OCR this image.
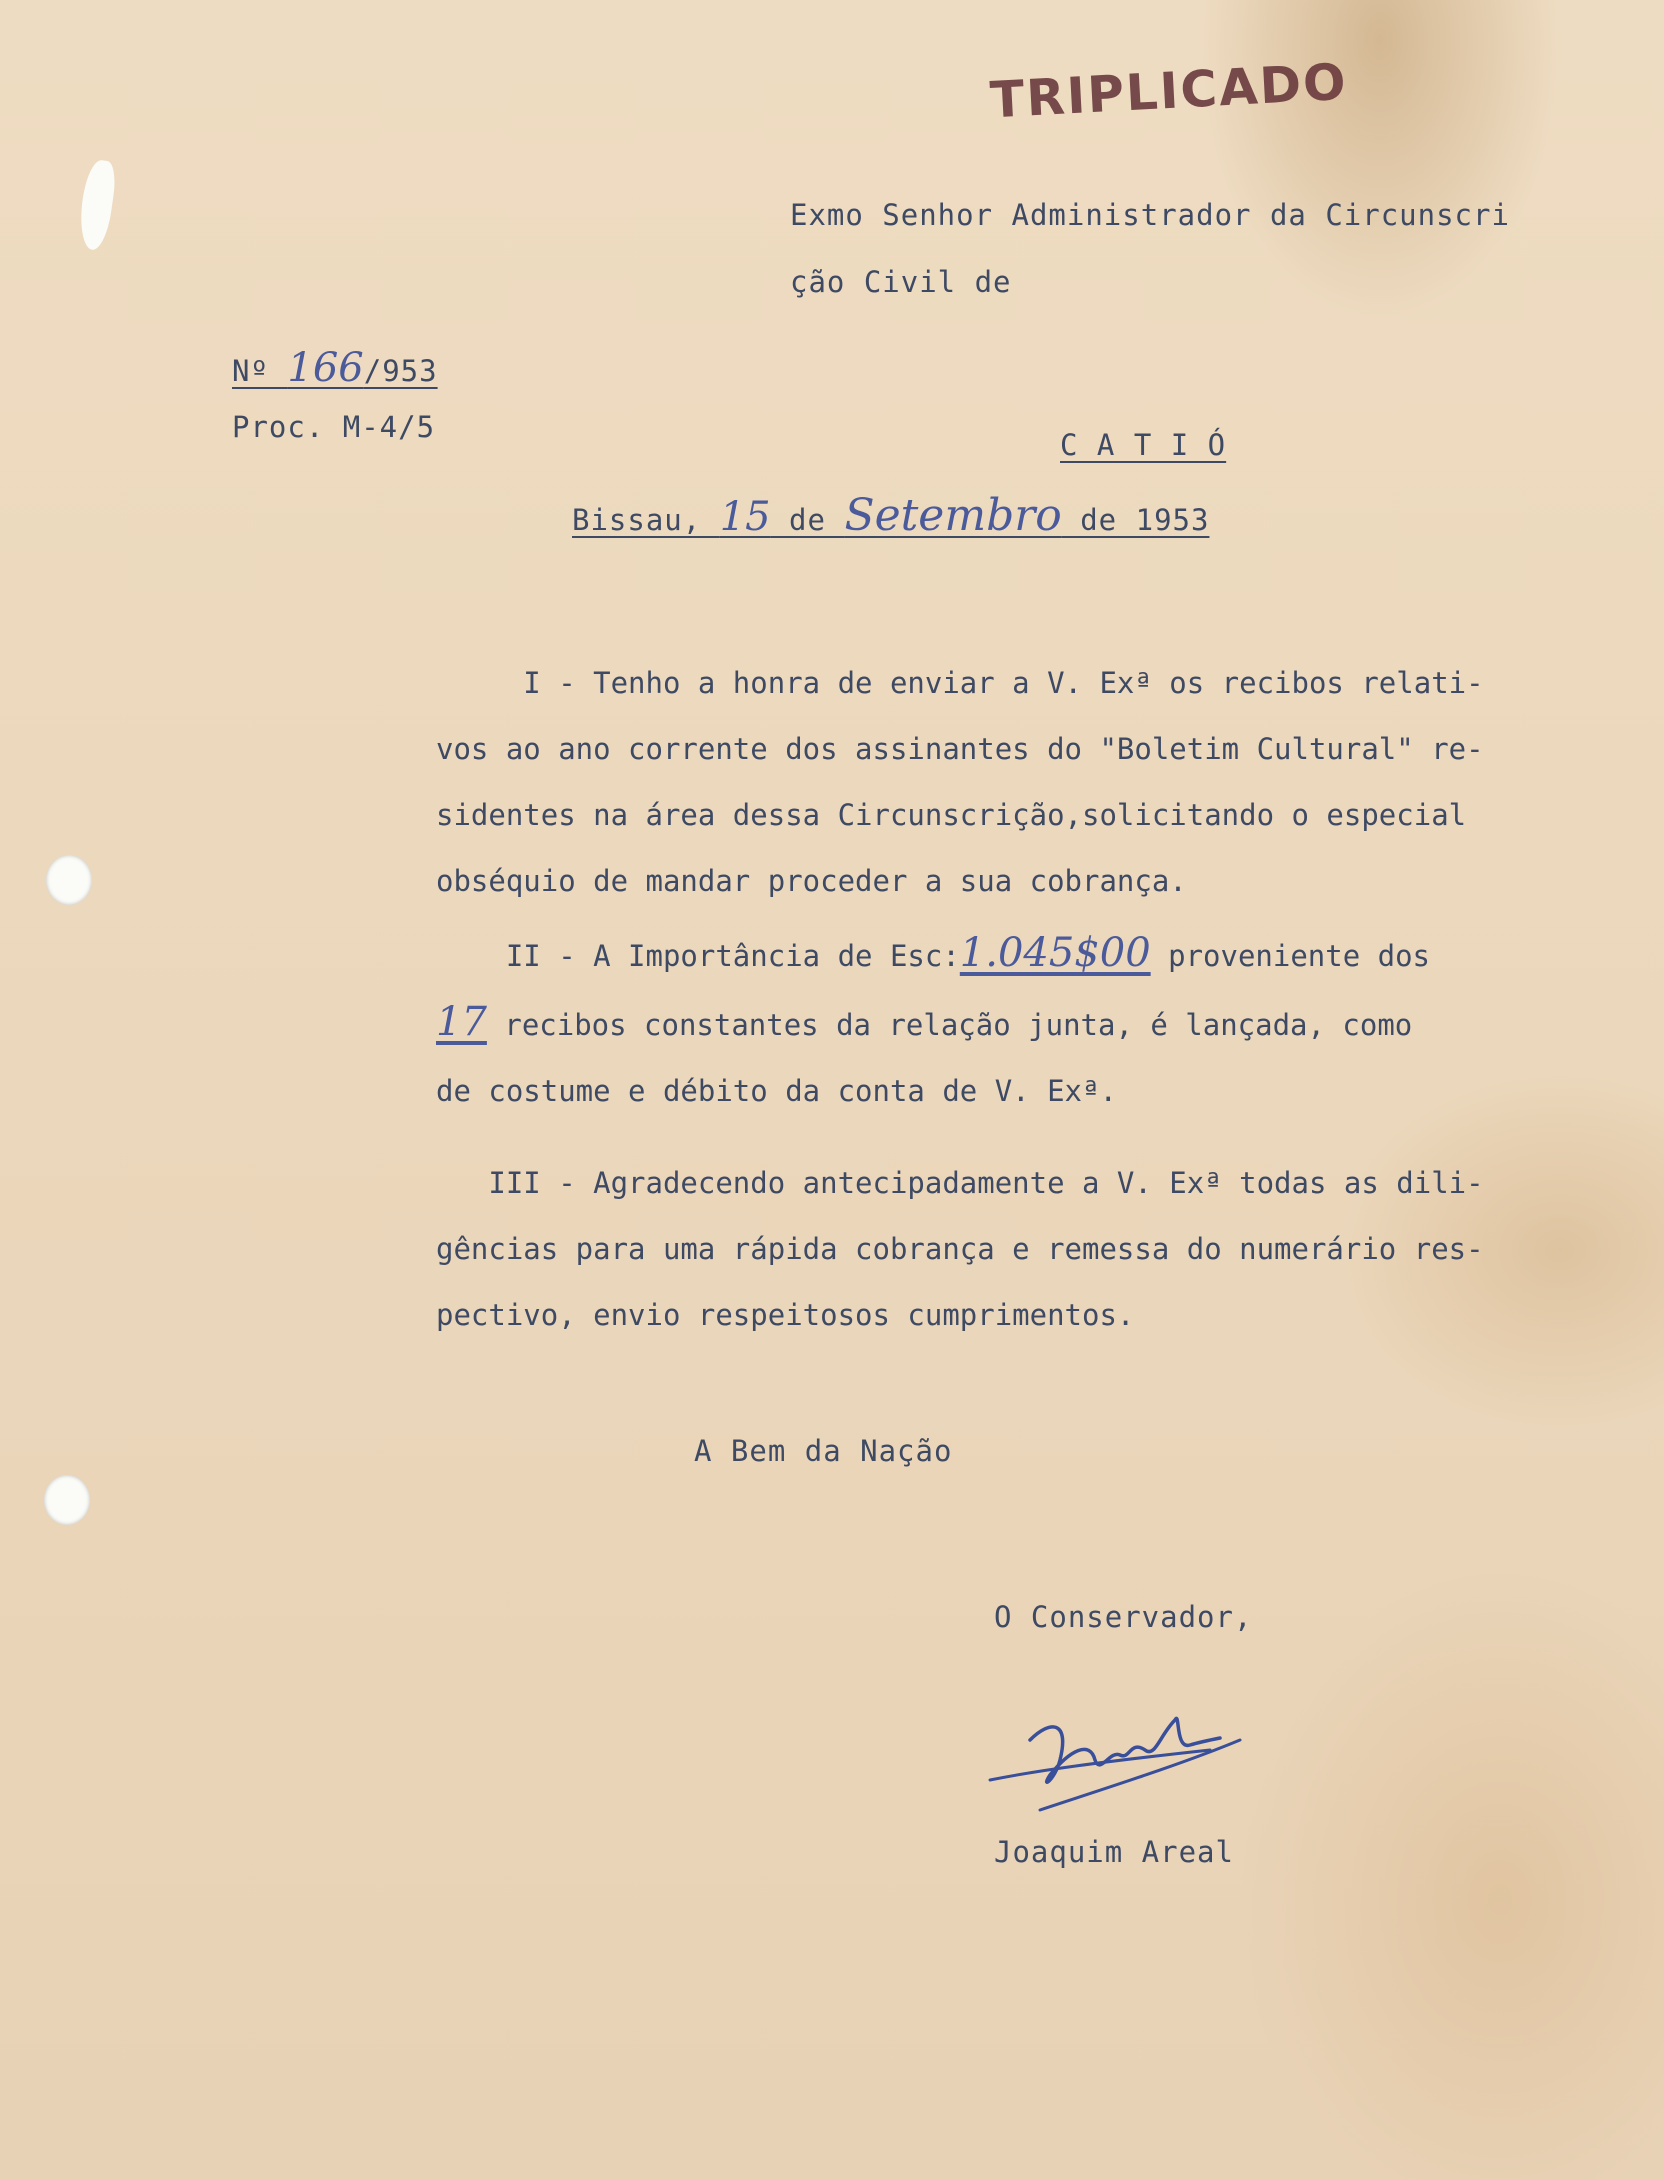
TRIPLICADO
Exmo Senhor Administrador da Circunscri
ção Civil de
Nº 166/953
Proc. M-4/5
C A T I Ó
Bissau, 15 de Setembro de 1953
I - Tenho a honra de enviar a V. Exª os recibos relati-
vos ao ano corrente dos assinantes do "Boletim Cultural" re-
sidentes na área dessa Circunscrição,solicitando o especial
obséquio de mandar proceder a sua cobrança.
II - A Importância de Esc:1.045$00 proveniente dos
17 recibos constantes da relação junta, é lançada, como
de costume e débito da conta de V. Exª.
III - Agradecendo antecipadamente a V. Exª todas as dili-
gências para uma rápida cobrança e remessa do numerário res-
pectivo, envio respeitosos cumprimentos.
A Bem da Nação
O Conservador,
Joaquim Areal
